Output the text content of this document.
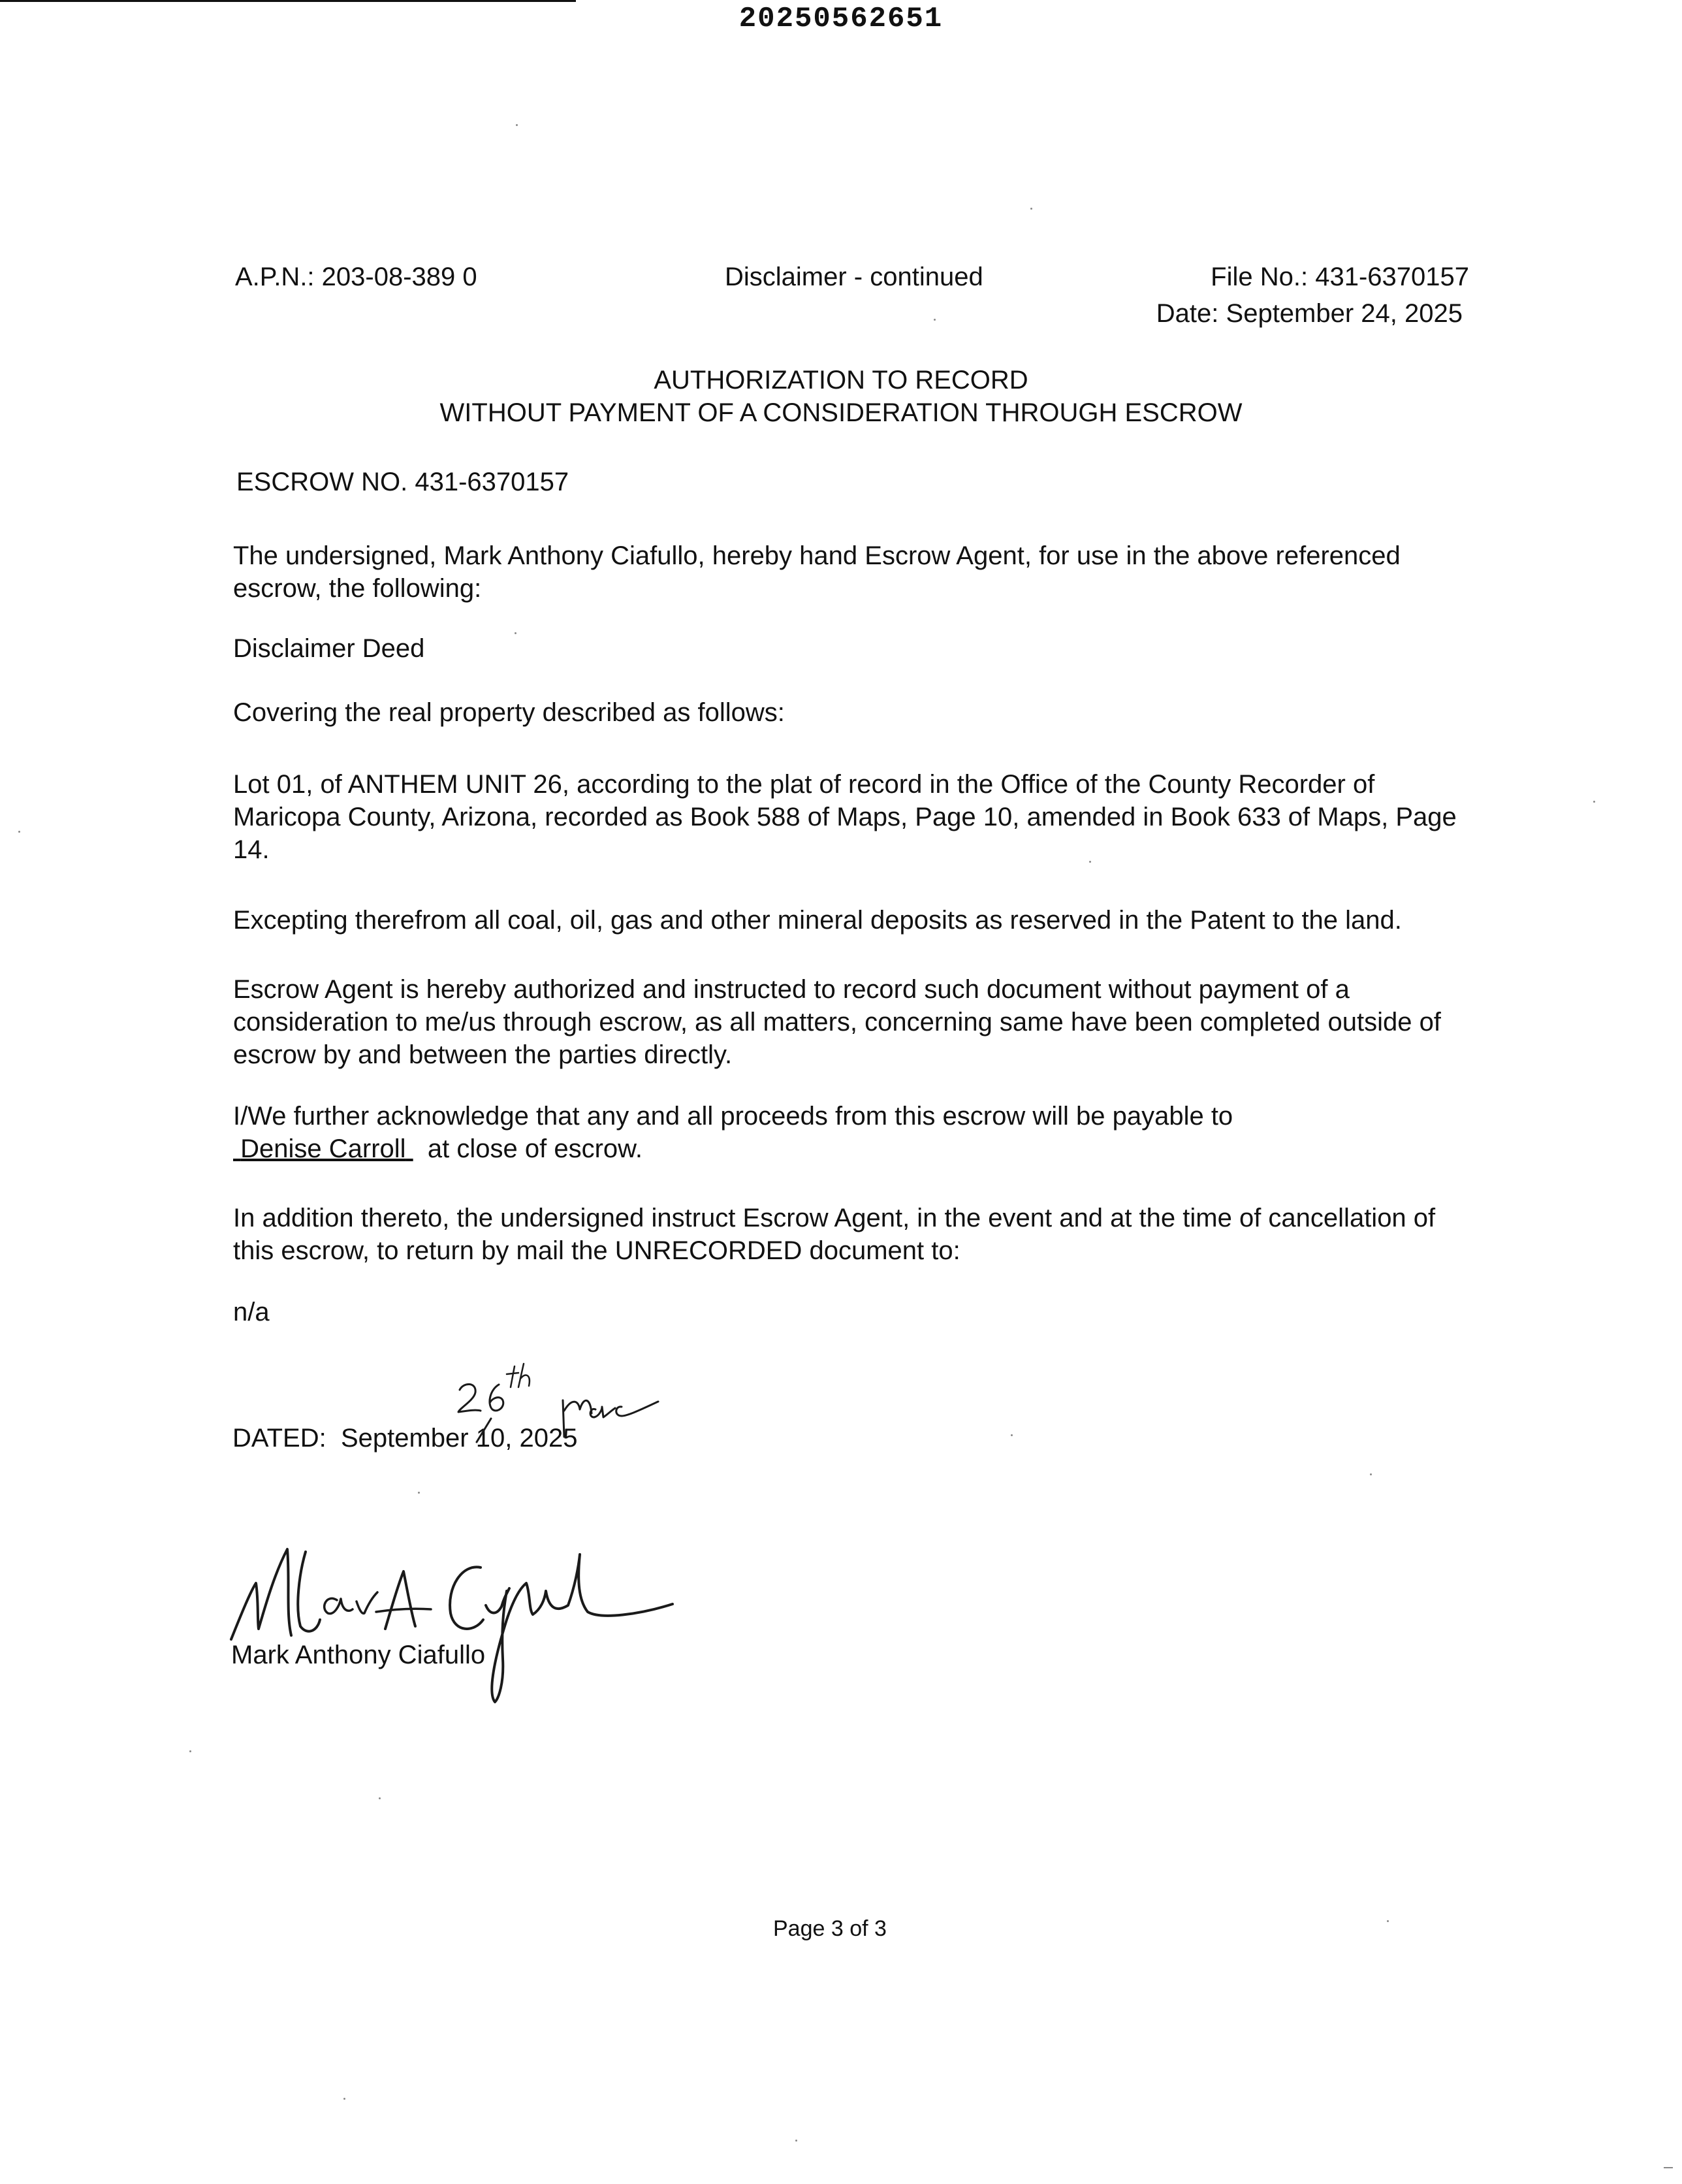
20250562651
A.P.N.: 203-08-389 0	Disclaimer - continued	File No.: 431-6370157
Date: September 24, 2025
AUTHORIZATION TO RECORD
WITHOUT PAYMENT OF A CONSIDERATION THROUGH ESCROW
ESCROW NO. 431-6370157
The undersigned, Mark Anthony Ciafullo, hereby hand Escrow Agent, for use in the above referenced escrow, the following:
Disclaimer Deed
Covering the real property described as follows:
Lot 01, of ANTHEM UNIT 26, according to the plat of record in the Office of the County Recorder of Maricopa County, Arizona, recorded as Book 588 of Maps, Page 10, amended in Book 633 of Maps, Page 14.
Excepting therefrom all coal, oil, gas and other mineral deposits as reserved in the Patent to the land.
Escrow Agent is hereby authorized and instructed to record such document without payment of a consideration to me/us through escrow, as all matters, concerning same have been completed outside of escrow by and between the parties directly.
I/We further acknowledge that any and all proceeds from this escrow will be payable to   Denise Carroll at close of escrow.
In addition thereto, the undersigned instruct Escrow Agent, in the event and at the time of cancellation of this escrow, to return by mail the UNRECORDED document to:
n/a
DATED: September 10, 2025
Mark Anthony Ciafullo
Page 3 of 3
